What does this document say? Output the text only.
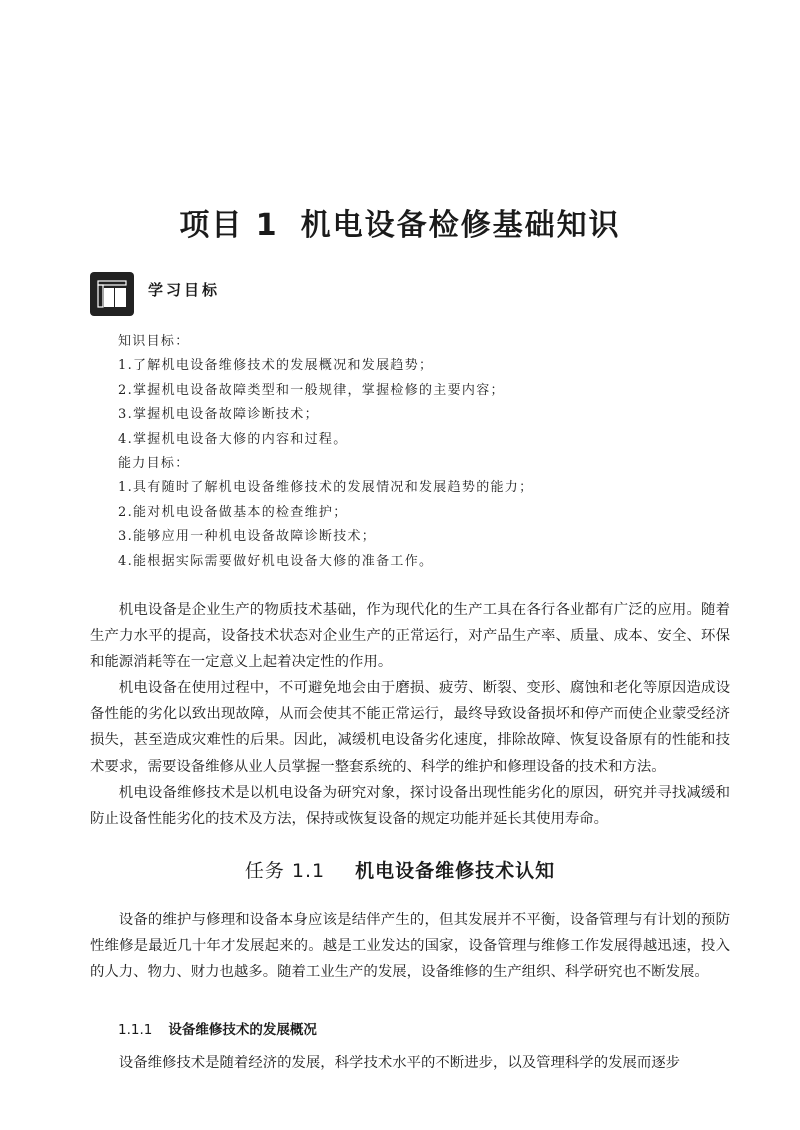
项目 1 机电设备检修基础知识
学习目标
知识目标：
1.了解机电设备维修技术的发展概况和发展趋势；
2.掌握机电设备故障类型和一般规律，掌握检修的主要内容；
3.掌握机电设备故障诊断技术；
4.掌握机电设备大修的内容和过程。
能力目标：
1.具有随时了解机电设备维修技术的发展情况和发展趋势的能力；
2.能对机电设备做基本的检查维护；
3.能够应用一种机电设备故障诊断技术；
4.能根据实际需要做好机电设备大修的准备工作。

机电设备是企业生产的物质技术基础，作为现代化的生产工具在各行各业都有广泛的应用。随着生产力水平的提高，设备技术状态对企业生产的正常运行，对产品生产率、质量、成本、安全、环保和能源消耗等在一定意义上起着决定性的作用。

机电设备在使用过程中，不可避免地会由于磨损、疲劳、断裂、变形、腐蚀和老化等原因造成设备性能的劣化以致出现故障，从而会使其不能正常运行，最终导致设备损坏和停产而使企业蒙受经济损失，甚至造成灾难性的后果。因此，减缓机电设备劣化速度，排除故障、恢复设备原有的性能和技术要求，需要设备维修从业人员掌握一整套系统的、科学的维护和修理设备的技术和方法。

机电设备维修技术是以机电设备为研究对象，探讨设备出现性能劣化的原因，研究并寻找减缓和防止设备性能劣化的技术及方法，保持或恢复设备的规定功能并延长其使用寿命。

任务 1.1 机电设备维修技术认知

设备的维护与修理和设备本身应该是结伴产生的，但其发展并不平衡，设备管理与有计划的预防性维修是最近几十年才发展起来的。越是工业发达的国家，设备管理与维修工作发展得越迅速，投入的人力、物力、财力也越多。随着工业生产的发展，设备维修的生产组织、科学研究也不断发展。

1.1.1 设备维修技术的发展概况

设备维修技术是随着经济的发展，科学技术水平的不断进步，以及管理科学的发展而逐步
